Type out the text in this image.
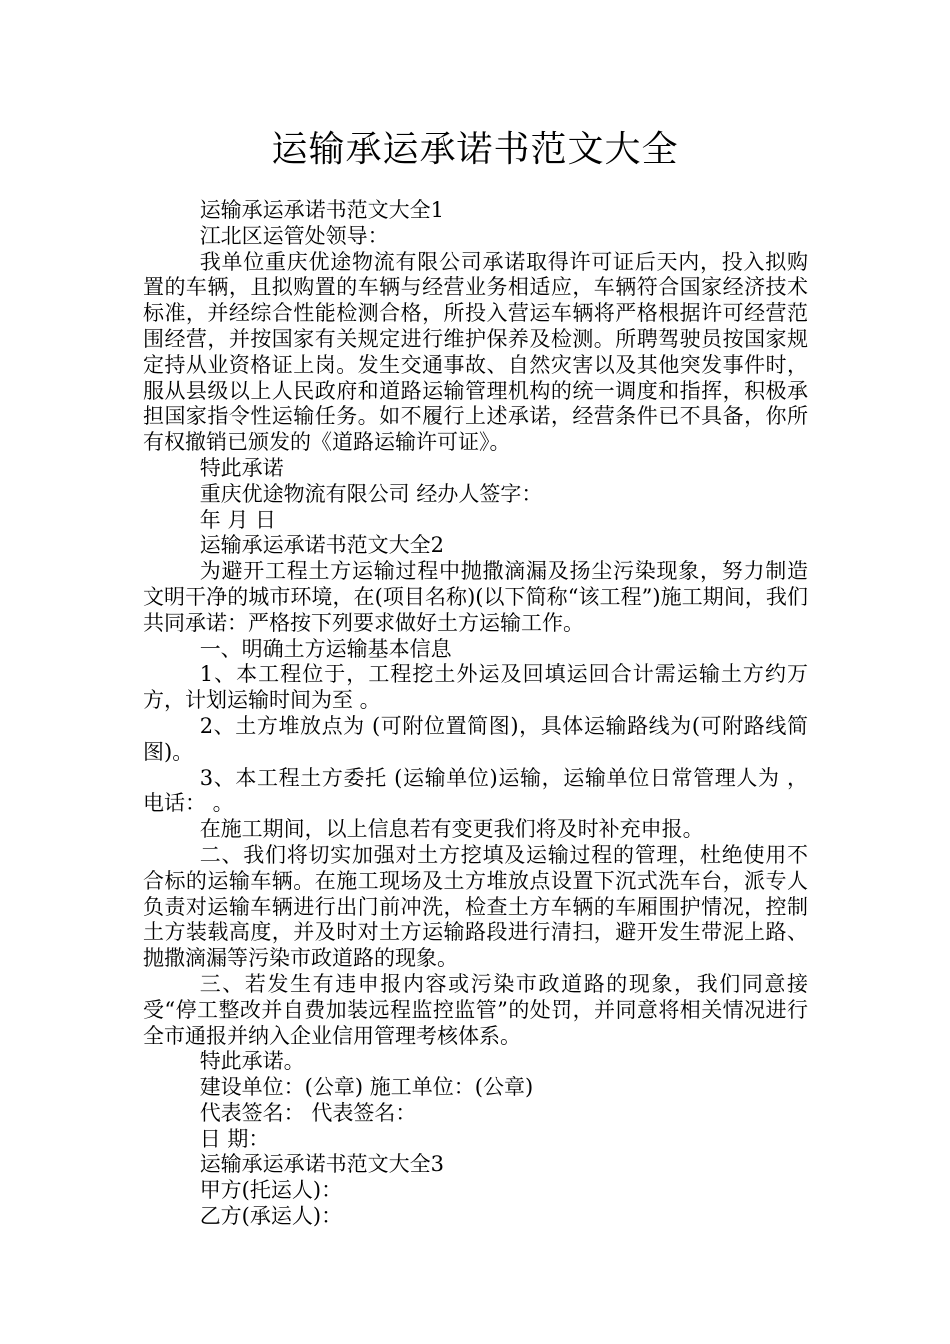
运输承运承诺书范文大全

运输承运承诺书范文大全1

江北区运管处领导：

我单位重庆优途物流有限公司承诺取得许可证后天内，投入拟购置的车辆，且拟购置的车辆与经营业务相适应，车辆符合国家经济技术标准，并经综合性能检测合格，所投入营运车辆将严格根据许可经营范围经营，并按国家有关规定进行维护保养及检测。所聘驾驶员按国家规定持从业资格证上岗。发生交通事故、自然灾害以及其他突发事件时，服从县级以上人民政府和道路运输管理机构的统一调度和指挥，积极承担国家指令性运输任务。如不履行上述承诺，经营条件已不具备，你所有权撤销已颁发的《道路运输许可证》。

特此承诺

重庆优途物流有限公司 经办人签字：

年 月 日

运输承运承诺书范文大全2

为避开工程土方运输过程中抛撒滴漏及扬尘污染现象，努力制造文明干净的城市环境，在(项目名称)(以下简称“该工程”)施工期间，我们共同承诺：严格按下列要求做好土方运输工作。

一、明确土方运输基本信息

1、本工程位于，工程挖土外运及回填运回合计需运输土方约万方，计划运输时间为至 。

2、土方堆放点为 (可附位置简图)，具体运输路线为(可附路线简图)。

3、本工程土方委托 (运输单位)运输，运输单位日常管理人为 ，电话： 。

在施工期间，以上信息若有变更我们将及时补充申报。

二、我们将切实加强对土方挖填及运输过程的管理，杜绝使用不合标的运输车辆。在施工现场及土方堆放点设置下沉式洗车台，派专人负责对运输车辆进行出门前冲洗，检查土方车辆的车厢围护情况，控制土方装载高度，并及时对土方运输路段进行清扫，避开发生带泥上路、抛撒滴漏等污染市政道路的现象。

三、若发生有违申报内容或污染市政道路的现象，我们同意接受“停工整改并自费加装远程监控监管”的处罚，并同意将相关情况进行全市通报并纳入企业信用管理考核体系。

特此承诺。

建设单位：(公章) 施工单位：(公章)

代表签名： 代表签名：

日 期：

运输承运承诺书范文大全3

甲方(托运人)：

乙方(承运人)：
